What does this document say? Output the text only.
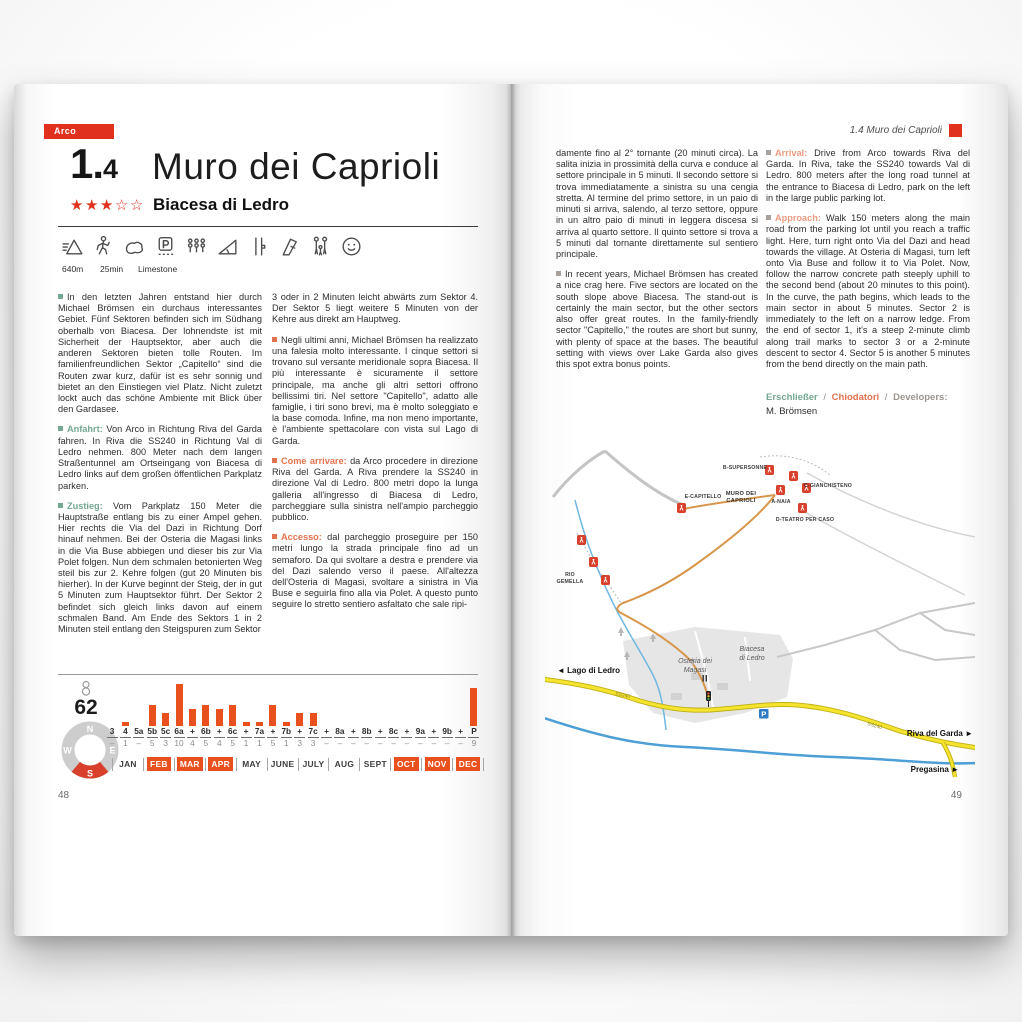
Arco
1. 4
★★★☆☆
Muro dei Caprioli
Biacesa di Ledro
640m 25min Limestone

In den letzten Jahren entstand hier durch Michael Brömsen ein durchaus interessantes Gebiet. Fünf Sektoren befinden sich im Südhang oberhalb von Biacesa. Der lohnendste ist mit Sicherheit der Hauptsektor, aber auch die anderen Sektoren bieten tolle Routen. Im familienfreundlichen Sektor „Capitello“ sind die Routen zwar kurz, dafür ist es sehr sonnig und bietet an den Einstiegen viel Platz. Nicht zuletzt lockt auch das schöne Ambiente mit Blick über den Gardasee.

Anfahrt: Von Arco in Richtung Riva del Garda fahren. In Riva die SS240 in Richtung Val di Ledro nehmen. 800 Meter nach dem langen Straßentunnel am Ortseingang von Biacesa di Ledro links auf dem großen öffentlichen Parkplatz parken.

Zustieg: Vom Parkplatz 150 Meter die Hauptstraße entlang bis zu einer Ampel gehen. Hier rechts die Via del Dazi in Richtung Dorf hinauf nehmen. Bei der Osteria die Magasi links in die Via Buse abbiegen und dieser bis zur Via Polet folgen. Nun dem schmalen betonierten Weg steil bis zur 2. Kehre folgen (gut 20 Minuten bis hierher). In der Kurve beginnt der Steig, der in gut 5 Minuten zum Hauptsektor führt. Der Sektor 2 befindet sich gleich links davon auf einem schmalen Band. Am Ende des Sektors 1 in 2 Minuten steil entlang den Steigspuren zum Sektor

3 oder in 2 Minuten leicht abwärts zum Sektor 4. Der Sektor 5 liegt weitere 5 Minuten von der Kehre aus direkt am Hauptweg.

Negli ultimi anni, Michael Brömsen ha realizzato una falesia molto interessante. I cinque settori si trovano sul versante meridionale sopra Biacesa. Il più interessante è sicuramente il settore principale, ma anche gli altri settori offrono bellissimi tiri. Nel settore "Capitello", adatto alle famiglie, i tiri sono brevi, ma è molto soleggiato e la base comoda. Infine, ma non meno importante, è l'ambiente spettacolare con vista sul Lago di Garda.

Come arrivare: da Arco procedere in direzione Riva del Garda. A Riva prendere la SS240 in direzione Val di Ledro. 800 metri dopo la lunga galleria all'ingresso di Biacesa di Ledro, parcheggiare sulla sinistra nell'ampio parcheggio pubblico.

Accesso: dal parcheggio proseguire per 150 metri lungo la strada principale fino ad un semaforo. Da qui svoltare a destra e prendere via del Dazi salendo verso il paese. All'altezza dell'Osteria di Magasi, svoltare a sinistra in Via Buse e seguirla fino alla via Polet. A questo punto seguire lo stretto sentiero asfaltato che sale ripi-

62
N
E
S
W
3
–
4
1
5a
–
5b
5
5c
3
6a
10
+
4
6b
5
+
4
6c
5
+
1
7a
1
+
5
7b
1
+
3
7c
3
+
–
8a
–
+
–
8b
–
+
–
8c
–
+
–
9a
–
+
–
9b
–
+
–
P
9
JAN	FEB	MAR	APR	MAY	JUNE JULY	AUG	SEPT	OCT	NOV	DEC
48
1.4 Muro dei Caprioli

damente fino al 2° tornante (20 minuti circa). La salita inizia in prossimità della curva e conduce al settore principale in 5 minuti. Il secondo settore si trova immediatamente a sinistra su una cengia stretta. Al termine del primo settore, in un paio di minuti si arriva, salendo, al terzo settore, oppure in un altro paio di minuti in leggera discesa si arriva al quarto settore. Il quinto settore si trova a 5 minuti dal tornante direttamente sul sentiero principale.

In recent years, Michael Brömsen has created a nice crag here. Five sectors are located on the south slope above Biacesa. The stand-out is certainly the main sector, but the other sectors also offer great routes. In the family-friendly sector "Capitello," the routes are short but sunny, with plenty of space at the bases. The beautiful setting with views over Lake Garda also gives this spot extra bonus points.

Arrival: Drive from Arco towards Riva del Garda. In Riva, take the SS240 towards Val di Ledro. 800 meters after the long road tunnel at the entrance to Biacesa di Ledro, park on the left in the large public parking lot.

Approach: Walk 150 meters along the main road from the parking lot until you reach a traffic light. Here, turn right onto Via del Dazi and head towards the village. At Osteria di Magasi, turn left onto Via Buse and follow it to Via Polet. Now, follow the narrow concrete path steeply uphill to the second bend (about 20 minutes to this point). In the curve, the path begins, which leads to the main sector in about 5 minutes. Sector 2 is immediately to the left on a narrow ledge. From the end of sector 1, it's a steep 2-minute climb along trail marks to sector 3 or a 2-minute descent to sector 4. Sector 5 is another 5 minutes from the bend directly on the main path.

Erschließer / Chiodatori / Developers:
M. Brömsen
P
MURO DEI
CAPRIOLI
E-CAPITELLO
B-SUPERSONNE
C-GIANCHISTENO
A-NAIA
D-TEATRO PER CASO
RIO
GEMELLA
◄ Lago di Ledro
Osteria dei
Magasi
Biacesa
di Ledro
Riva del Garda ►
Pregasina ►
SS240
SS240
49
